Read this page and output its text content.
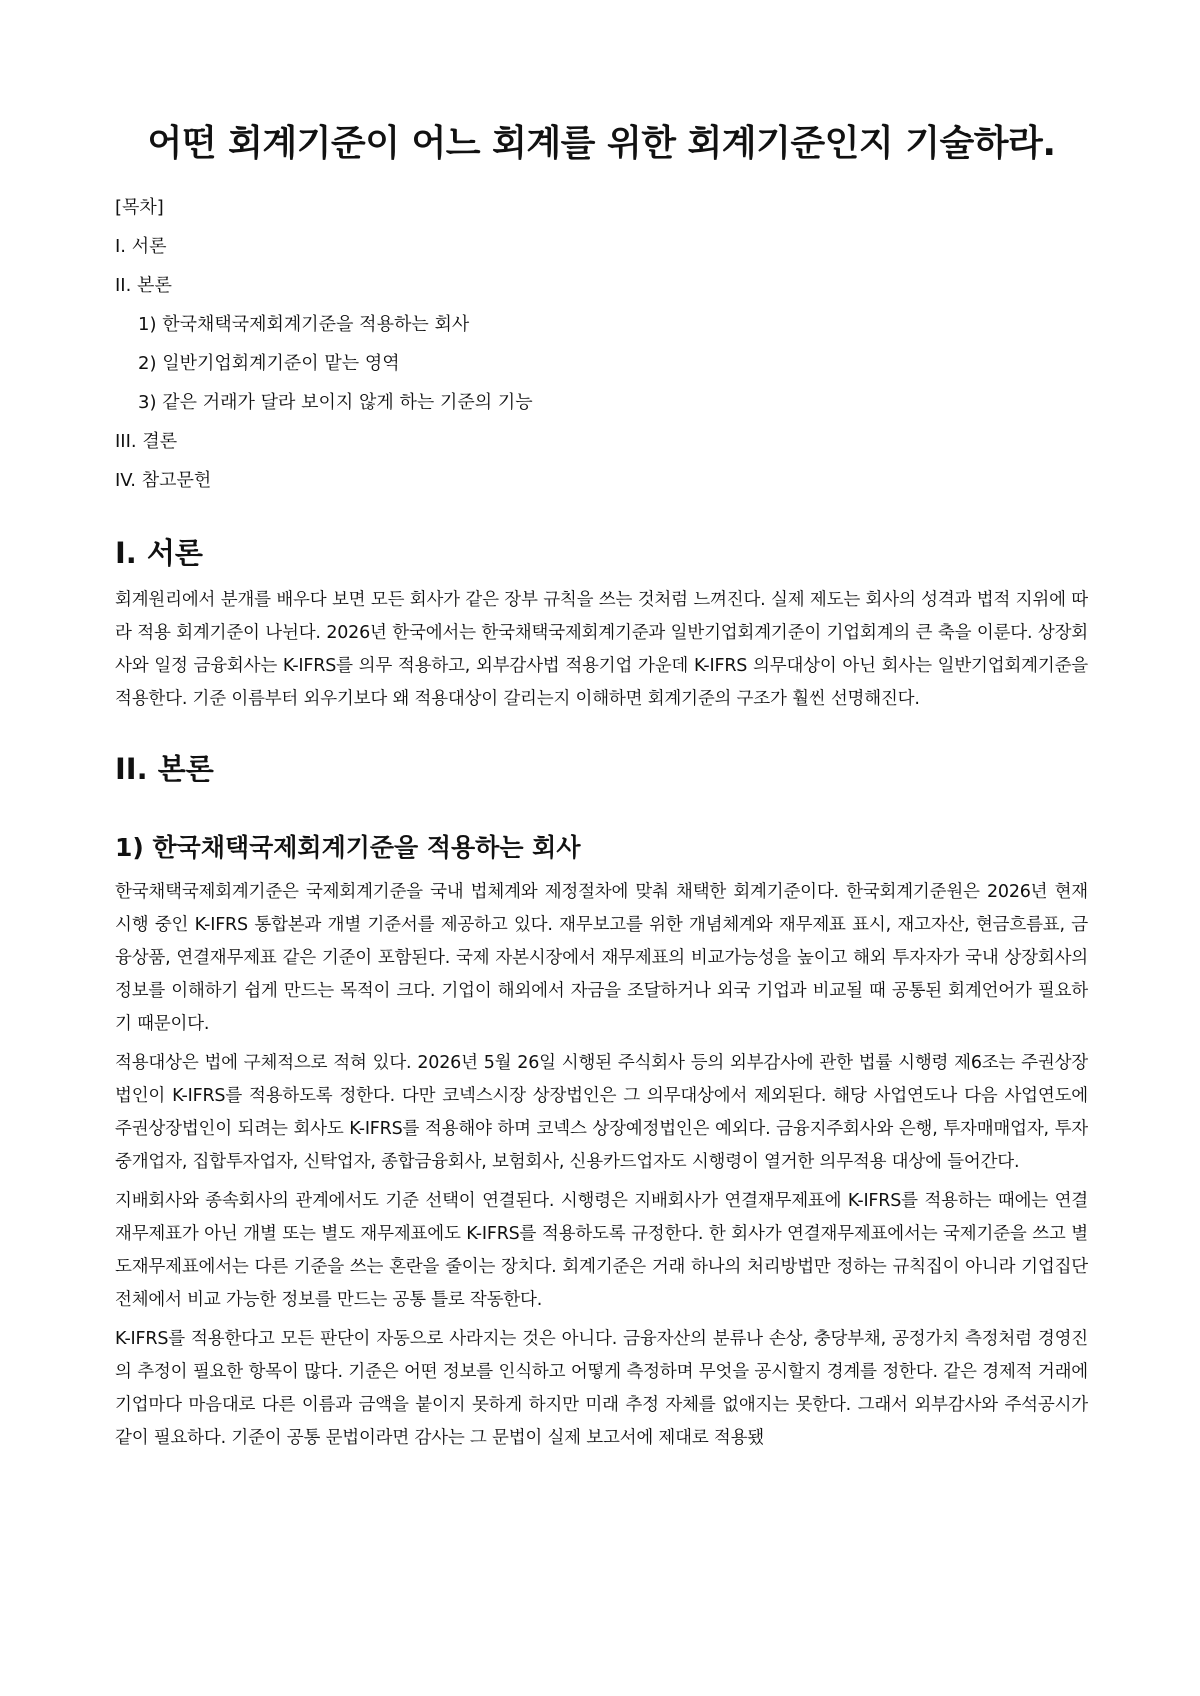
어떤 회계기준이 어느 회계를 위한 회계기준인지 기술하라.
[목차]
I. 서론
II. 본론
1) 한국채택국제회계기준을 적용하는 회사
2) 일반기업회계기준이 맡는 영역
3) 같은 거래가 달라 보이지 않게 하는 기준의 기능
III. 결론
IV. 참고문헌
I. 서론

회계원리에서 분개를 배우다 보면 모든 회사가 같은 장부 규칙을 쓰는 것처럼 느껴진다. 실제 제도는 회사의 성격과 법적 지위에 따라 적용 회계기준이 나뉜다. 2026년 한국에서는 한국채택국제회계기준과 일반기업회계기준이 기업회계의 큰 축을 이룬다. 상장회사와 일정 금융회사는 K-IFRS를 의무 적용하고, 외부감사법 적용기업 가운데 K-IFRS 의무대상이 아닌 회사는 일반기업회계기준을 적용한다. 기준 이름부터 외우기보다 왜 적용대상이 갈리는지 이해하면 회계기준의 구조가 훨씬 선명해진다.

II. 본론
1) 한국채택국제회계기준을 적용하는 회사

한국채택국제회계기준은 국제회계기준을 국내 법체계와 제정절차에 맞춰 채택한 회계기준이다. 한국회계기준원은 2026년 현재 시행 중인 K-IFRS 통합본과 개별 기준서를 제공하고 있다. 재무보고를 위한 개념체계와 재무제표 표시, 재고자산, 현금흐름표, 금융상품, 연결재무제표 같은 기준이 포함된다. 국제 자본시장에서 재무제표의 비교가능성을 높이고 해외 투자자가 국내 상장회사의 정보를 이해하기 쉽게 만드는 목적이 크다. 기업이 해외에서 자금을 조달하거나 외국 기업과 비교될 때 공통된 회계언어가 필요하기 때문이다.

적용대상은 법에 구체적으로 적혀 있다. 2026년 5월 26일 시행된 주식회사 등의 외부감사에 관한 법률 시행령 제6조는 주권상장법인이 K-IFRS를 적용하도록 정한다. 다만 코넥스시장 상장법인은 그 의무대상에서 제외된다. 해당 사업연도나 다음 사업연도에 주권상장법인이 되려는 회사도 K-IFRS를 적용해야 하며 코넥스 상장예정법인은 예외다. 금융지주회사와 은행, 투자매매업자, 투자중개업자, 집합투자업자, 신탁업자, 종합금융회사, 보험회사, 신용카드업자도 시행령이 열거한 의무적용 대상에 들어간다.

지배회사와 종속회사의 관계에서도 기준 선택이 연결된다. 시행령은 지배회사가 연결재무제표에 K-IFRS를 적용하는 때에는 연결재무제표가 아닌 개별 또는 별도 재무제표에도 K-IFRS를 적용하도록 규정한다. 한 회사가 연결재무제표에서는 국제기준을 쓰고 별도재무제표에서는 다른 기준을 쓰는 혼란을 줄이는 장치다. 회계기준은 거래 하나의 처리방법만 정하는 규칙집이 아니라 기업집단 전체에서 비교 가능한 정보를 만드는 공통 틀로 작동한다.

K-IFRS를 적용한다고 모든 판단이 자동으로 사라지는 것은 아니다. 금융자산의 분류나 손상, 충당부채, 공정가치 측정처럼 경영진의 추정이 필요한 항목이 많다. 기준은 어떤 정보를 인식하고 어떻게 측정하며 무엇을 공시할지 경계를 정한다. 같은 경제적 거래에 기업마다 마음대로 다른 이름과 금액을 붙이지 못하게 하지만 미래 추정 자체를 없애지는 못한다. 그래서 외부감사와 주석공시가 같이 필요하다. 기준이 공통 문법이라면 감사는 그 문법이 실제 보고서에 제대로 적용됐
